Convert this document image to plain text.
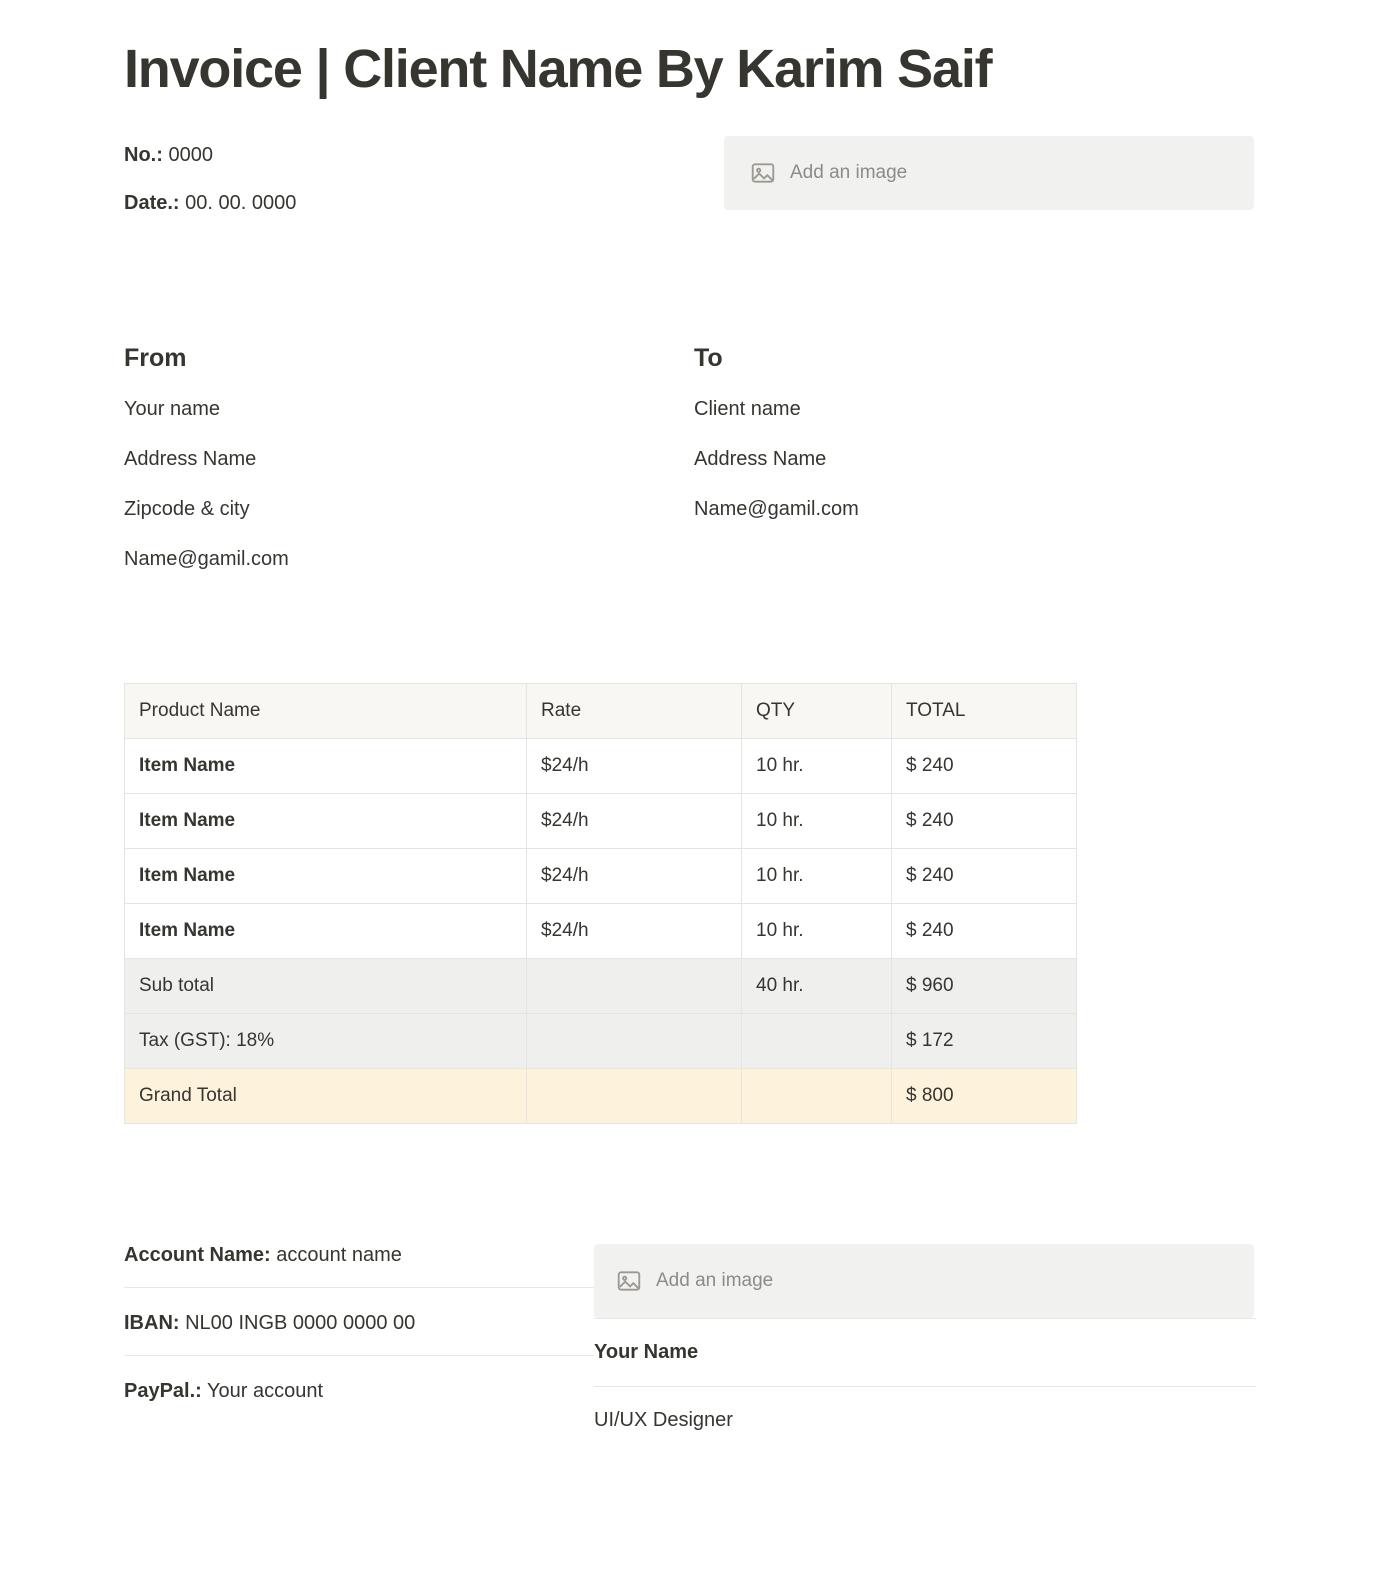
Invoice | Client Name By Karim Saif
No.: 0000
Date.: 00. 00. 0000
Add an image
From
Your name
Address Name
Zipcode & city
Name@gamil.com
To
Client name
Address Name
Name@gamil.com
Product Name	Rate	QTY	TOTAL
Item Name	$24/h	10 hr.	$ 240
Item Name	$24/h	10 hr.	$ 240
Item Name	$24/h	10 hr.	$ 240
Item Name	$24/h	10 hr.	$ 240
Sub total		40 hr.	$ 960
Tax (GST): 18%			$ 172
Grand Total			$ 800
Account Name: account name
IBAN: NL00 INGB 0000 0000 00
PayPal.: Your account
Add an image
Your Name
UI/UX Designer
